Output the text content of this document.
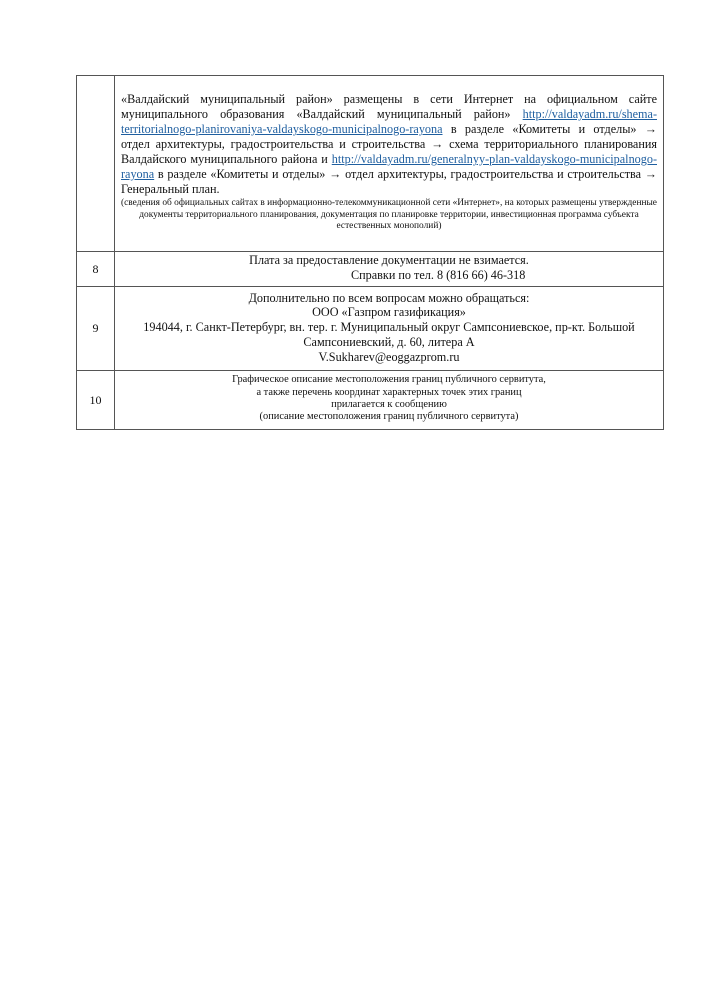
	«Валдайский муниципальный район» размещены в сети Интернет на официальном сайте муниципального образования «Валдайский муниципальный район» http://valdayadm.ru/shema-territorialnogo-planirovaniya-valdayskogo-municipalnogo-rayona в разделе «Комитеты и отделы» → отдел архитектуры, градостроительства и строительства → схема территориального планирования Валдайского муниципального района и http://valdayadm.ru/generalnyy-plan-valdayskogo-municipalnogo-rayona в разделе «Комитеты и отделы» → отдел архитектуры, градостроительства и строительства → Генеральный план.

(сведения об официальных сайтах в информационно-телекоммуникационной сети «Интернет», на которых размещены утвержденные документы территориального планирования, документация по планировке территории, инвестиционная программа субъекта естественных монополий)

8	Плата за предоставление документации не взимается.

Справки по тел. 8 (816 66) 46-318

9	Дополнительно по всем вопросам можно обращаться:

ООО «Газпром газификация»

194044, г. Санкт-Петербург, вн. тер. г. Муниципальный округ Сампсониевское, пр-кт. Большой Сампсониевский, д. 60, литера А

V.Sukharev@eoggazprom.ru

10	Графическое описание местоположения границ публичного сервитута,

а также перечень координат характерных точек этих границ

прилагается к сообщению

(описание местоположения границ публичного сервитута)
